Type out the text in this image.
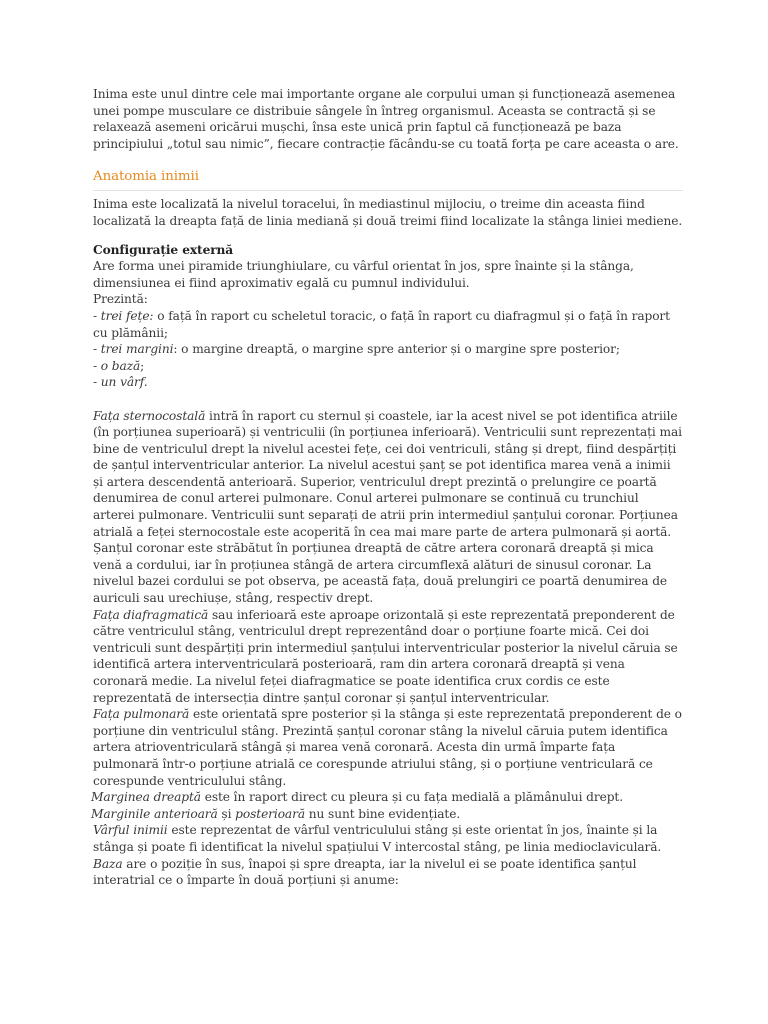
Inima este unul dintre cele mai importante organe ale corpului uman și funcționează asemenea unei pompe musculare ce distribuie sângele în întreg organismul. Aceasta se contractă și se relaxează asemeni oricărui mușchi, însa este unică prin faptul că funcționează pe baza principiului „totul sau nimic”, fiecare contracție făcându-se cu toată forța pe care aceasta o are.

Anatomia inimii

Inima este localizată la nivelul toracelui, în mediastinul mijlociu, o treime din aceasta fiind localizată la dreapta față de linia mediană și două treimi fiind localizate la stânga liniei mediene.

Configurație externă

Are forma unei piramide triunghiulare, cu vârful orientat în jos, spre înainte și la stânga, dimensiunea ei fiind aproximativ egală cu pumnul individului.

Prezintă:

- trei fețe: o față în raport cu scheletul toracic, o față în raport cu diafragmul și o față în raport cu plămânii;

- trei margini: o margine dreaptă, o margine spre anterior și o margine spre posterior;

- o bază;

- un vârf.

Fața sternocostală intră în raport cu sternul și coastele, iar la acest nivel se pot identifica atriile (în porțiunea superioară) și ventriculii (în porțiunea inferioară). Ventriculii sunt reprezentați mai bine de ventriculul drept la nivelul acestei fețe, cei doi ventriculi, stâng și drept, fiind despărțiți de șanțul interventricular anterior. La nivelul acestui șanț se pot identifica marea venă a inimii și artera descendentă anterioară. Superior, ventriculul drept prezintă o prelungire ce poartă denumirea de conul arterei pulmonare. Conul arterei pulmonare se continuă cu trunchiul arterei pulmonare. Ventriculii sunt separați de atrii prin intermediul șanțului coronar. Porțiunea atrială a feței sternocostale este acoperită în cea mai mare parte de artera pulmonară și aortă. Șanțul coronar este străbătut în porțiunea dreaptă de către artera coronară dreaptă și mica venă a cordului, iar în proțiunea stângă de artera circumflexă alături de sinusul coronar. La nivelul bazei cordului se pot observa, pe această fața, două prelungiri ce poartă denumirea de auriculi sau urechiușe, stâng, respectiv drept.

Fața diafragmatică sau inferioară este aproape orizontală și este reprezentată preponderent de către ventriculul stâng, ventriculul drept reprezentând doar o porțiune foarte mică. Cei doi ventriculi sunt despărțiți prin intermediul șanțului interventricular posterior la nivelul căruia se identifică artera interventriculară posterioară, ram din artera coronară dreaptă și vena coronară medie. La nivelul feței diafragmatice se poate identifica crux cordis ce este reprezentată de intersecția dintre șanțul coronar și șanțul interventricular.

Fața pulmonară este orientată spre posterior și la stânga și este reprezentată preponderent de o porțiune din ventriculul stâng. Prezintă șanțul coronar stâng la nivelul căruia putem identifica artera atrioventriculară stângă și marea venă coronară. Acesta din urmă împarte fața pulmonară într-o porțiune atrială ce corespunde atriului stâng, și o porțiune ventriculară ce corespunde ventriculului stâng.

Marginea dreaptă este în raport direct cu pleura și cu fața medială a plămânului drept.

Marginile anterioară și posterioară nu sunt bine evidențiate.

Vârful inimii este reprezentat de vârful ventriculului stâng și este orientat în jos, înainte și la stânga și poate fi identificat la nivelul spațiului V intercostal stâng, pe linia medioclaviculară.

Baza are o poziție în sus, înapoi și spre dreapta, iar la nivelul ei se poate identifica șanțul interatrial ce o împarte în două porțiuni și anume:
